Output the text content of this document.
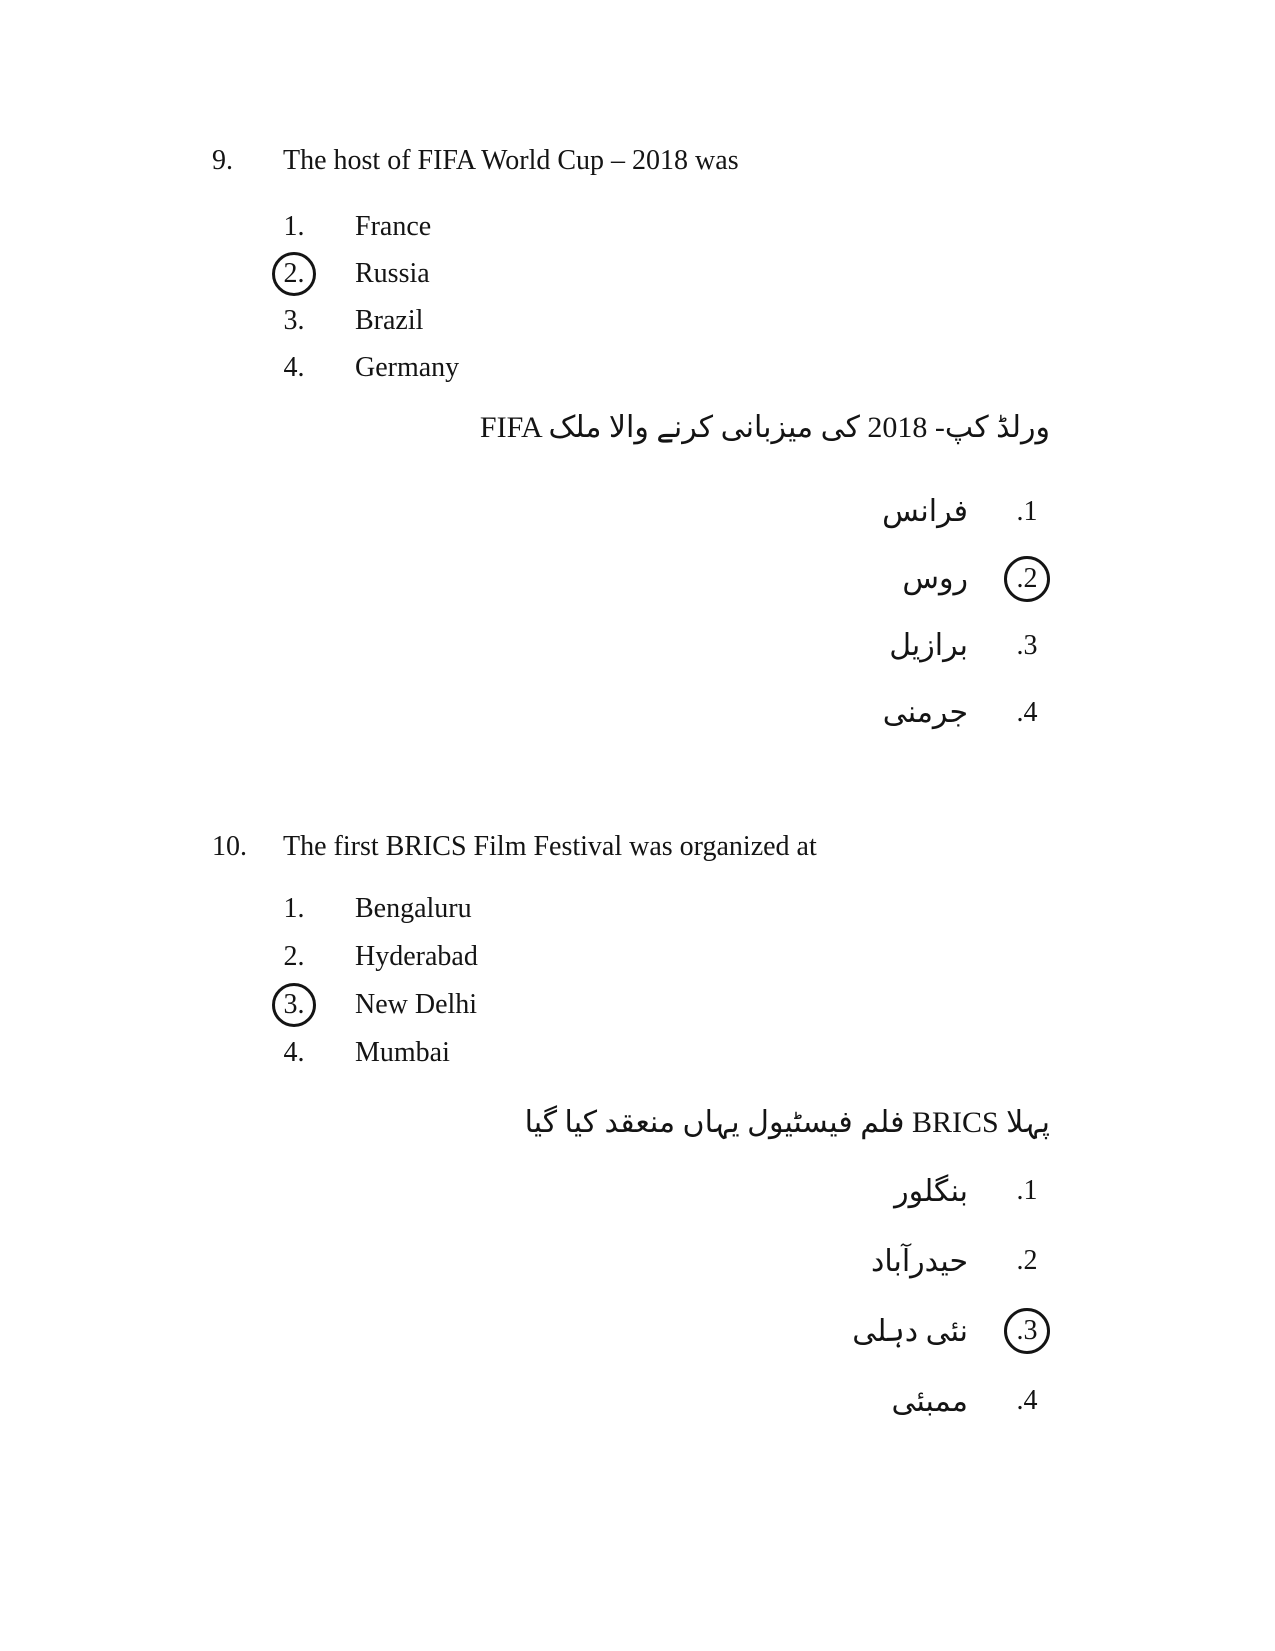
9.	The host of FIFA World Cup – 2018 was
1.	France
2.	Russia
3.	Brazil
4.	Germany
FIFA ورلڈ کپ- 2018 کی میزبانی کرنے والا ملک
1.
فرانس
2.
روس
3.
برازیل
4.
جرمنی
10.	The first BRICS Film Festival was organized at
1.	Bengaluru
2.	Hyderabad
3.	New Delhi
4.	Mumbai
پہلا BRICS فلم فیسٹیول یہاں منعقد کیا گیا
1.
بنگلور
2.
حیدرآباد
3.
نئی دہلی
4.
ممبئی
